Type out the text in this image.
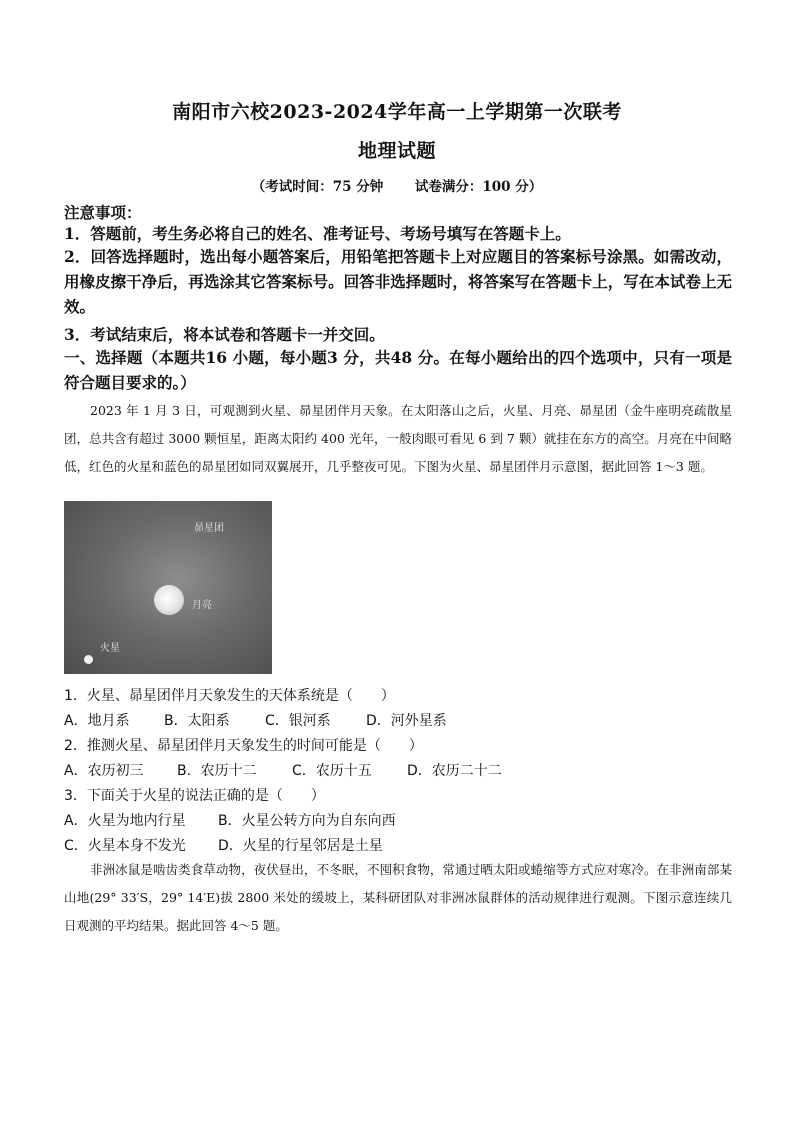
南阳市六校2023-2024学年高一上学期第一次联考
地理试题
（考试时间：75 分钟　　 试卷满分：100 分）
注意事项：
1．答题前，考生务必将自己的姓名、准考证号、考场号填写在答题卡上。
2．回答选择题时，选出每小题答案后，用铅笔把答题卡上对应题目的答案标号涂黑。如需改动，用橡皮擦干净后，再选涂其它答案标号。回答非选择题时，将答案写在答题卡上，写在本试卷上无效。
3．考试结束后，将本试卷和答题卡一并交回。
一、选择题（本题共16 小题，每小题3 分，共48 分。在每小题给出的四个选项中，只有一项是符合题目要求的。）
2023 年 1 月 3 日，可观测到火星、昴星团伴月天象。在太阳落山之后，火星、月亮、昴星团（金牛座明亮疏散星团，总共含有超过 3000 颗恒星，距离太阳约 400 光年，一般肉眼可看见 6 到 7 颗）就挂在东方的高空。月亮在中间略低，红色的火星和蓝色的昴星团如同双翼展开，几乎整夜可见。下图为火星、昴星团伴月示意图，据此回答 1～3 题。
昴星团
月亮
火星
1．火星、昴星团伴月天象发生的天体系统是（　　）
A．地月系 B．太阳系	C．银河系	D．河外星系
2．推测火星、昴星团伴月天象发生的时间可能是（　　）
A．农历初三 B．农历十二	C．农历十五	D．农历二十二
3．下面关于火星的说法正确的是（　　）
A．火星为地内行星 B．火星公转方向为自东向西
C．火星本身不发光 D．火星的行星邻居是土星
非洲冰鼠是啮齿类食草动物，夜伏昼出，不冬眠，不囤积食物，常通过晒太阳或蜷缩等方式应对寒冷。在非洲南部某山地(29° 33′S，29° 14′E)拔 2800 米处的缓坡上，某科研团队对非洲冰鼠群体的活动规律进行观测。下图示意连续几日观测的平均结果。据此回答 4～5 题。
